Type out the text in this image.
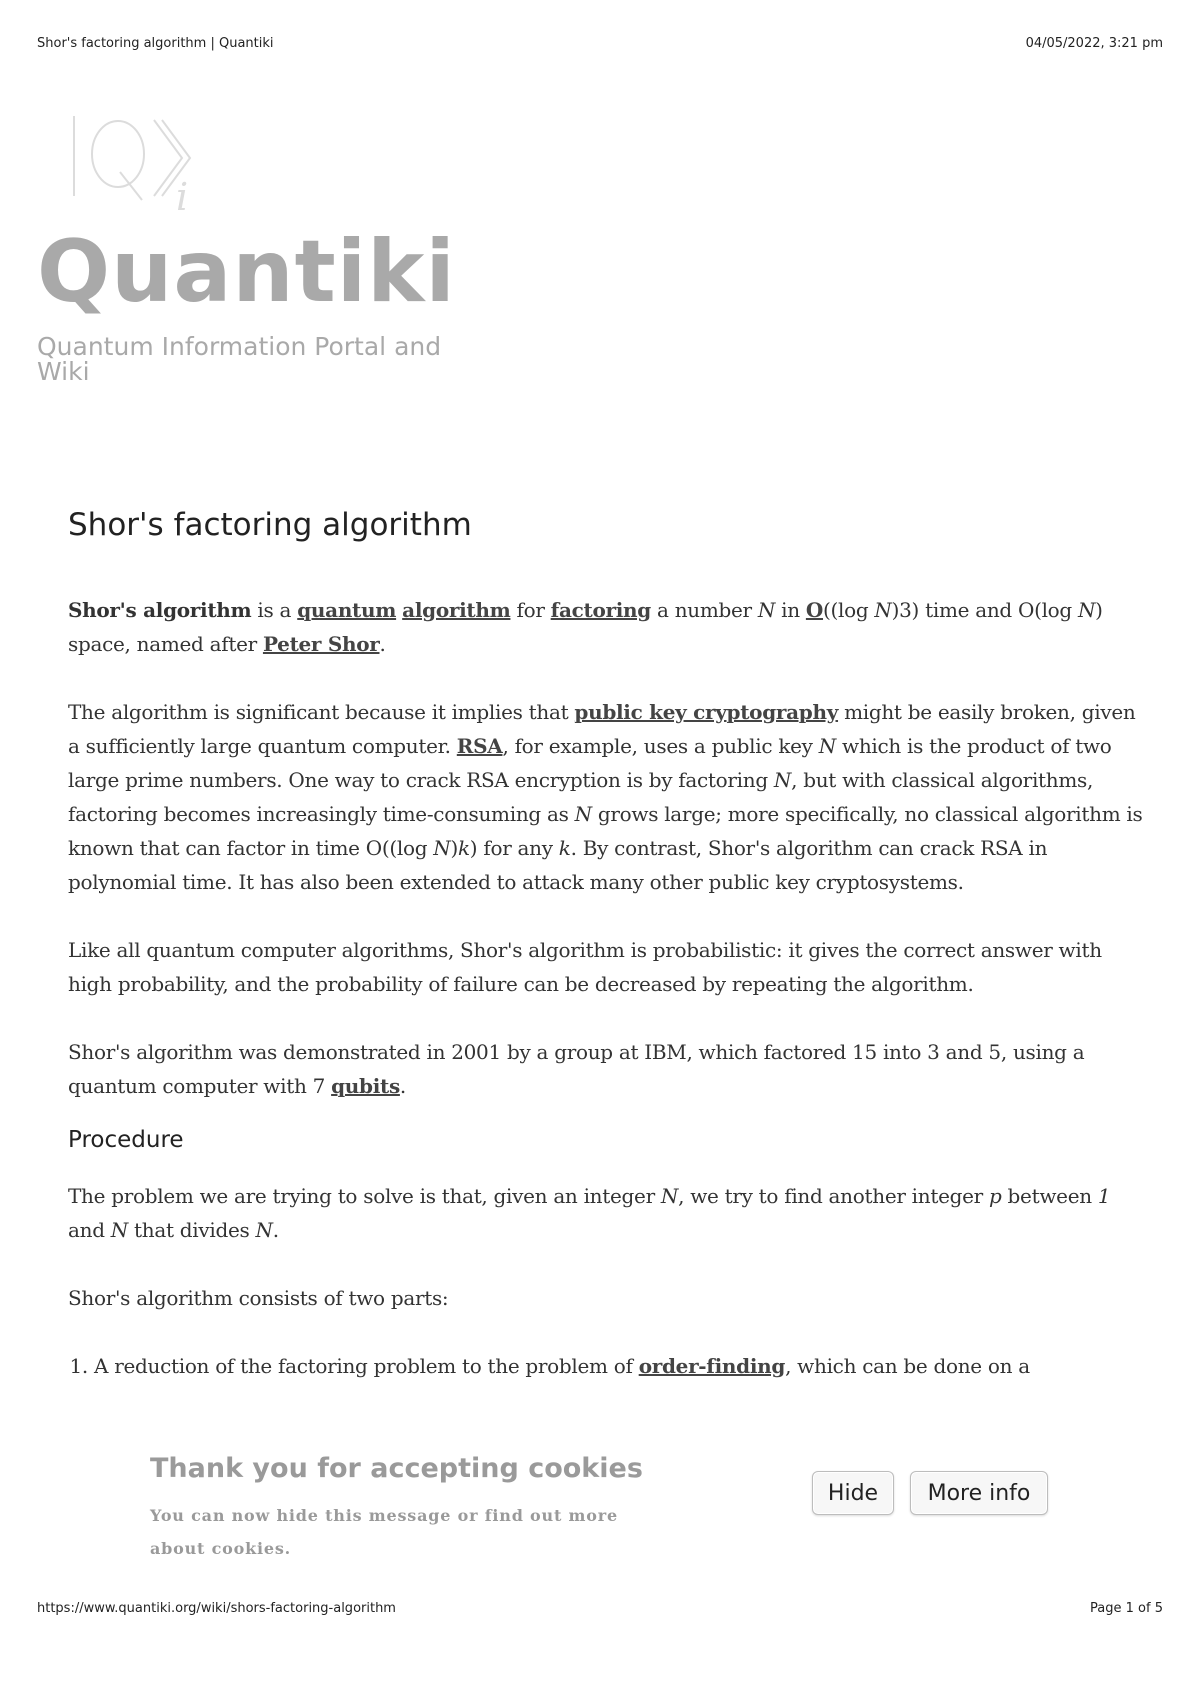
Shor's factoring algorithm | Quantiki	04/05/2022, 3:21 pm
i
Quantiki
Quantum Information Portal and Wiki
Shor's factoring algorithm

Shor's algorithm is a quantum algorithm for factoring a number N in O((log N)3) time and O(log N) space, named after Peter Shor.

The algorithm is significant because it implies that public key cryptography might be easily broken, given a sufficiently large quantum computer. RSA, for example, uses a public key N which is the product of two large prime numbers. One way to crack RSA encryption is by factoring N, but with classical algorithms, factoring becomes increasingly time-consuming as N grows large; more specifically, no classical algorithm is known that can factor in time O((log N)k) for any k. By contrast, Shor's algorithm can crack RSA in polynomial time. It has also been extended to attack many other public key cryptosystems.

Like all quantum computer algorithms, Shor's algorithm is probabilistic: it gives the correct answer with high probability, and the probability of failure can be decreased by repeating the algorithm.

Shor's algorithm was demonstrated in 2001 by a group at IBM, which factored 15 into 3 and 5, using a quantum computer with 7 qubits.

Procedure

The problem we are trying to solve is that, given an integer N, we try to find another integer p between 1 and N that divides N.

Shor's algorithm consists of two parts:

1. A reduction of the factoring problem to the problem of order-finding, which can be done on a
Thank you for accepting cookies
You can now hide this message or find out more about cookies.
Hide	More info
https://www.quantiki.org/wiki/shors-factoring-algorithm	Page 1 of 5
